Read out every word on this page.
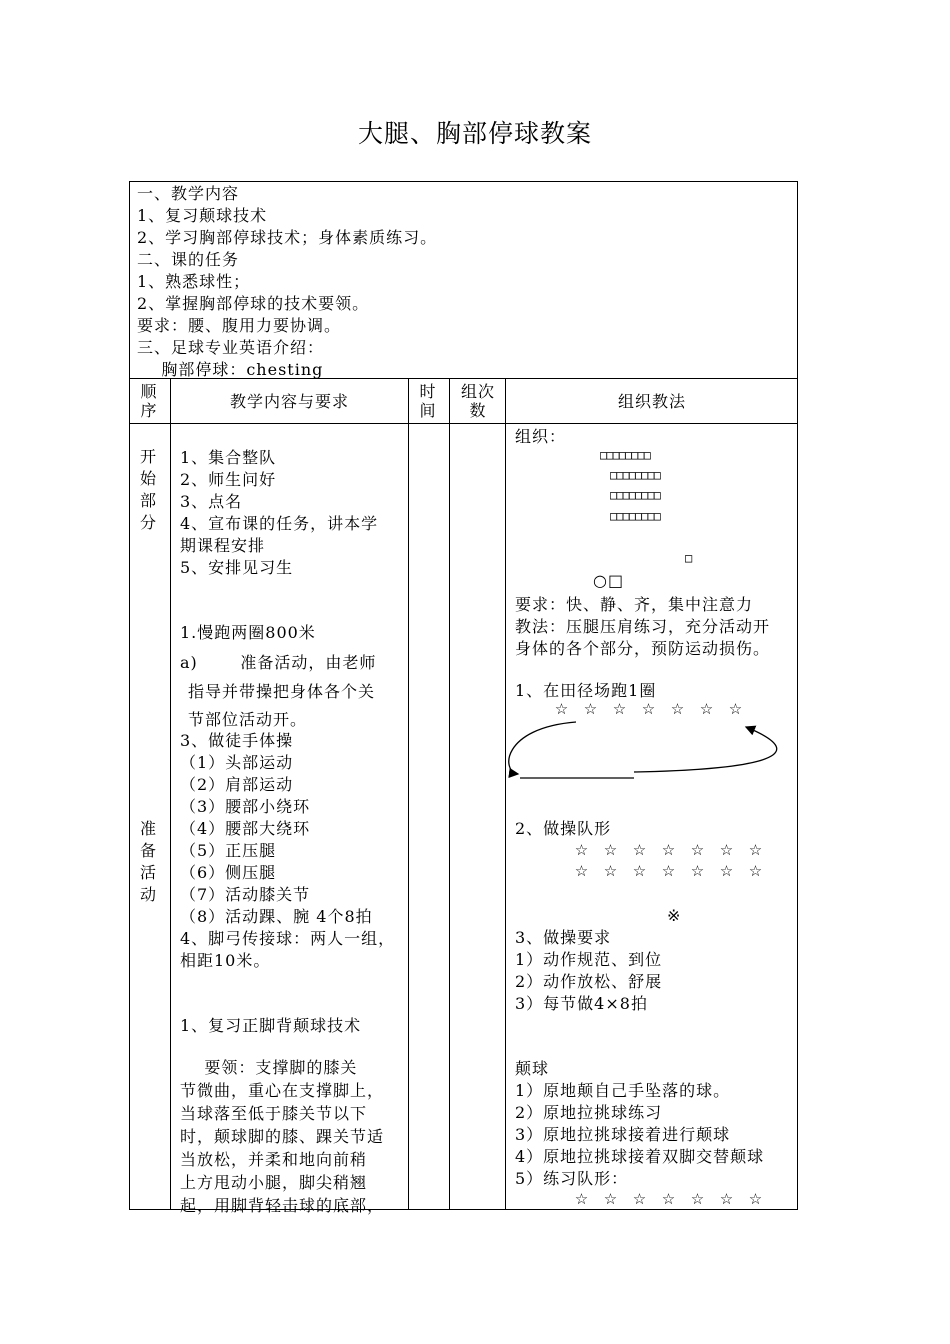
大腿、胸部停球教案
一、教学内容
1、复习颠球技术
2、学习胸部停球技术；身体素质练习。
二、课的任务
1、熟悉球性；
2、掌握胸部停球的技术要领。
要求：腰、腹用力要协调。
三、足球专业英语介绍：
胸部停球：chesting
顺序	教学内容与要求
时间
组次数	组织教法
开始部分
准备活动
1、集合整队
2、师生问好
3、点名
4、宣布课的任务，讲本学
期课程安排
5、安排见习生
1.慢跑两圈800米
a)       准备活动，由老师
指导并带操把身体各个关
节部位活动开。
3、做徒手体操
（1）头部运动
（2）肩部运动
（3）腰部小绕环
（4）腰部大绕环
（5）正压腿
（6）侧压腿
（7）活动膝关节
（8）活动踝、腕 4个8拍
4、脚弓传接球：两人一组，
相距10米。
1、复习正脚背颠球技术
要领：支撑脚的膝关
节微曲，重心在支撑脚上，
当球落至低于膝关节以下
时，颠球脚的膝、踝关节适
当放松，并柔和地向前稍
上方甩动小腿，脚尖稍翘
起，用脚背轻击球的底部，
组织：
□□□□□□□□
□□□□□□□□
□□□□□□□□
□□□□□□□□
□
○□
要求：快、静、齐，集中注意力
教法：压腿压肩练习，充分活动开
身体的各个部分，预防运动损伤。
1、在田径场跑1圈
☆ ☆ ☆ ☆ ☆ ☆ ☆
2、做操队形
☆ ☆ ☆ ☆ ☆ ☆ ☆
☆ ☆ ☆ ☆ ☆ ☆ ☆
※
3、做操要求
1）动作规范、到位
2）动作放松、舒展
3）每节做4×8拍
颠球
1）原地颠自己手坠落的球。
2）原地拉挑球练习
3）原地拉挑球接着进行颠球
4）原地拉挑球接着双脚交替颠球
5）练习队形：
☆ ☆ ☆ ☆ ☆ ☆ ☆
